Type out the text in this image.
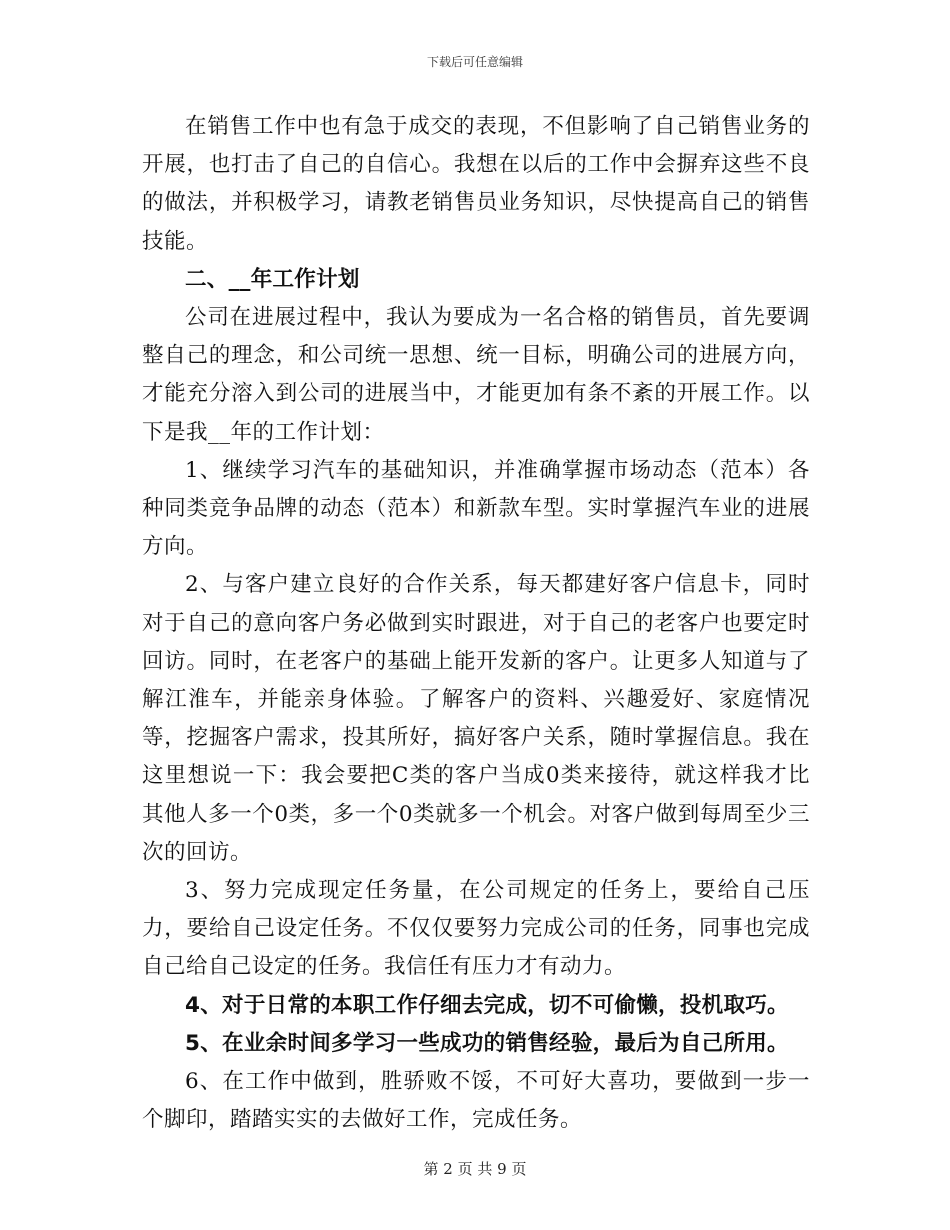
下载后可任意编辑

在销售工作中也有急于成交的表现，不但影响了自己销售业务的开展，也打击了自己的自信心。我想在以后的工作中会摒弃这些不良的做法，并积极学习，请教老销售员业务知识，尽快提高自己的销售技能。

二、__年工作计划

公司在进展过程中，我认为要成为一名合格的销售员，首先要调整自己的理念，和公司统一思想、统一目标，明确公司的进展方向，才能充分溶入到公司的进展当中，才能更加有条不紊的开展工作。以下是我__年的工作计划：

1、继续学习汽车的基础知识，并准确掌握市场动态（范本）各种同类竞争品牌的动态（范本）和新款车型。实时掌握汽车业的进展方向。

2、与客户建立良好的合作关系，每天都建好客户信息卡，同时对于自己的意向客户务必做到实时跟进，对于自己的老客户也要定时回访。同时，在老客户的基础上能开发新的客户。让更多人知道与了解江淮车，并能亲身体验。了解客户的资料、兴趣爱好、家庭情况等，挖掘客户需求，投其所好，搞好客户关系，随时掌握信息。我在这里想说一下：我会要把C类的客户当成0类来接待，就这样我才比其他人多一个0类，多一个0类就多一个机会。对客户做到每周至少三次的回访。

3、努力完成现定任务量，在公司规定的任务上，要给自己压力，要给自己设定任务。不仅仅要努力完成公司的任务，同事也完成自己给自己设定的任务。我信任有压力才有动力。

4、对于日常的本职工作仔细去完成，切不可偷懒，投机取巧。

5、在业余时间多学习一些成功的销售经验，最后为自己所用。

6、在工作中做到，胜骄败不馁，不可好大喜功，要做到一步一个脚印，踏踏实实的去做好工作，完成任务。

第 2 页 共 9 页
